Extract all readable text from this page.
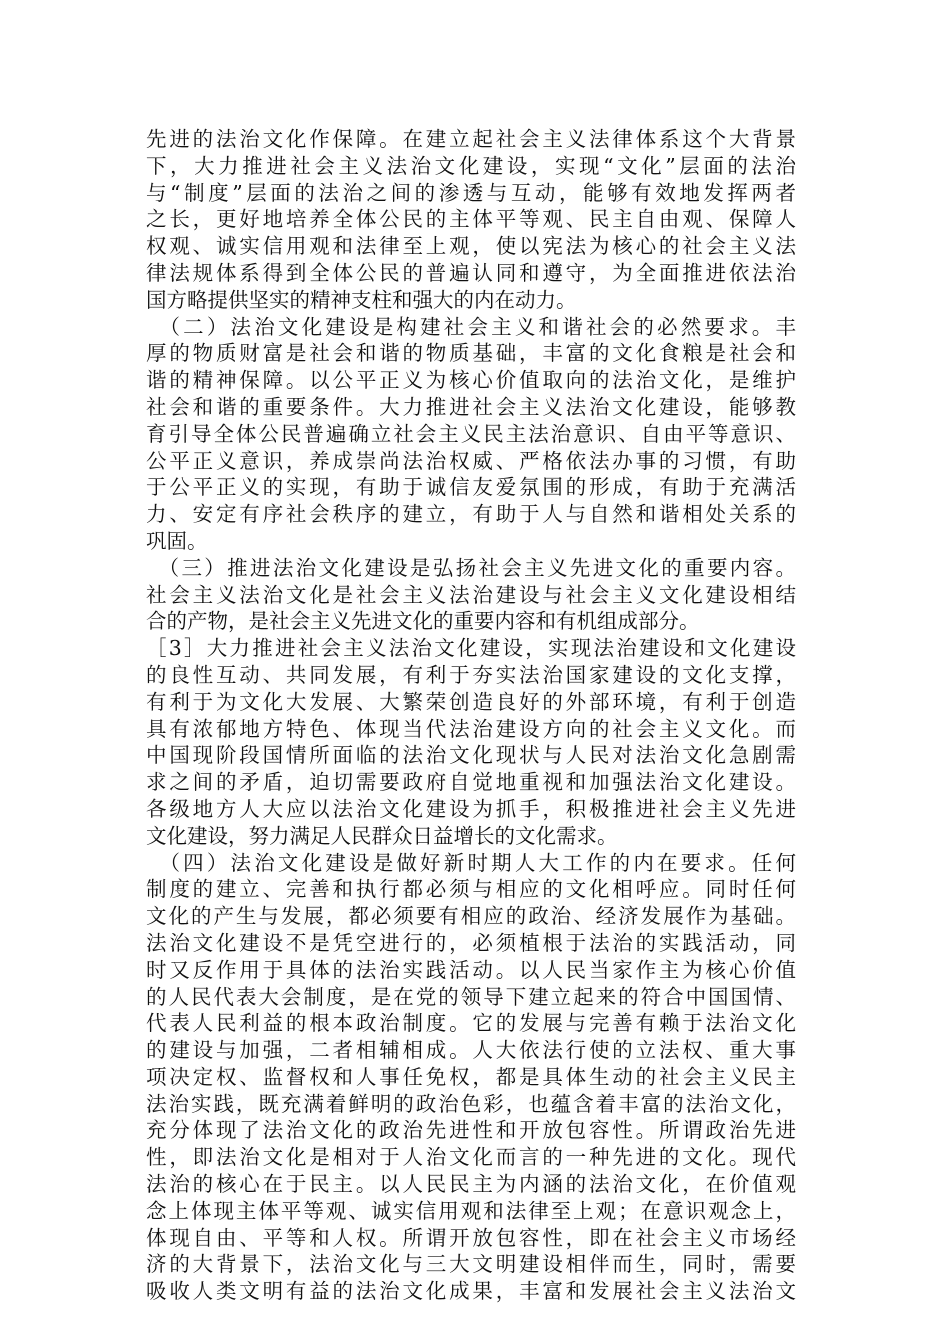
先进的法治文化作保障。在建立起社会主义法律体系这个大背景
下，大力推进社会主义法治文化建设，实现“文化”层面的法治
与“制度”层面的法治之间的渗透与互动，能够有效地发挥两者
之长，更好地培养全体公民的主体平等观、民主自由观、保障人
权观、诚实信用观和法律至上观，使以宪法为核心的社会主义法
律法规体系得到全体公民的普遍认同和遵守，为全面推进依法治
国方略提供坚实的精神支柱和强大的内在动力。
　（二）法治文化建设是构建社会主义和谐社会的必然要求。丰
厚的物质财富是社会和谐的物质基础，丰富的文化食粮是社会和
谐的精神保障。以公平正义为核心价值取向的法治文化，是维护
社会和谐的重要条件。大力推进社会主义法治文化建设，能够教
育引导全体公民普遍确立社会主义民主法治意识、自由平等意识、
公平正义意识，养成崇尚法治权威、严格依法办事的习惯，有助
于公平正义的实现，有助于诚信友爱氛围的形成，有助于充满活
力、安定有序社会秩序的建立，有助于人与自然和谐相处关系的
巩固。
　（三）推进法治文化建设是弘扬社会主义先进文化的重要内容。
社会主义法治文化是社会主义法治建设与社会主义文化建设相结
合的产物，是社会主义先进文化的重要内容和有机组成部分。
［3］大力推进社会主义法治文化建设，实现法治建设和文化建设
的良性互动、共同发展，有利于夯实法治国家建设的文化支撑，
有利于为文化大发展、大繁荣创造良好的外部环境，有利于创造
具有浓郁地方特色、体现当代法治建设方向的社会主义文化。而
中国现阶段国情所面临的法治文化现状与人民对法治文化急剧需
求之间的矛盾，迫切需要政府自觉地重视和加强法治文化建设。
各级地方人大应以法治文化建设为抓手，积极推进社会主义先进
文化建设，努力满足人民群众日益增长的文化需求。
　（四）法治文化建设是做好新时期人大工作的内在要求。任何
制度的建立、完善和执行都必须与相应的文化相呼应。同时任何
文化的产生与发展，都必须要有相应的政治、经济发展作为基础。
法治文化建设不是凭空进行的，必须植根于法治的实践活动，同
时又反作用于具体的法治实践活动。以人民当家作主为核心价值
的人民代表大会制度，是在党的领导下建立起来的符合中国国情、
代表人民利益的根本政治制度。它的发展与完善有赖于法治文化
的建设与加强，二者相辅相成。人大依法行使的立法权、重大事
项决定权、监督权和人事任免权，都是具体生动的社会主义民主
法治实践，既充满着鲜明的政治色彩，也蕴含着丰富的法治文化，
充分体现了法治文化的政治先进性和开放包容性。所谓政治先进
性，即法治文化是相对于人治文化而言的一种先进的文化。现代
法治的核心在于民主。以人民民主为内涵的法治文化，在价值观
念上体现主体平等观、诚实信用观和法律至上观；在意识观念上，
体现自由、平等和人权。所谓开放包容性，即在社会主义市场经
济的大背景下，法治文化与三大文明建设相伴而生，同时，需要
吸收人类文明有益的法治文化成果，丰富和发展社会主义法治文
